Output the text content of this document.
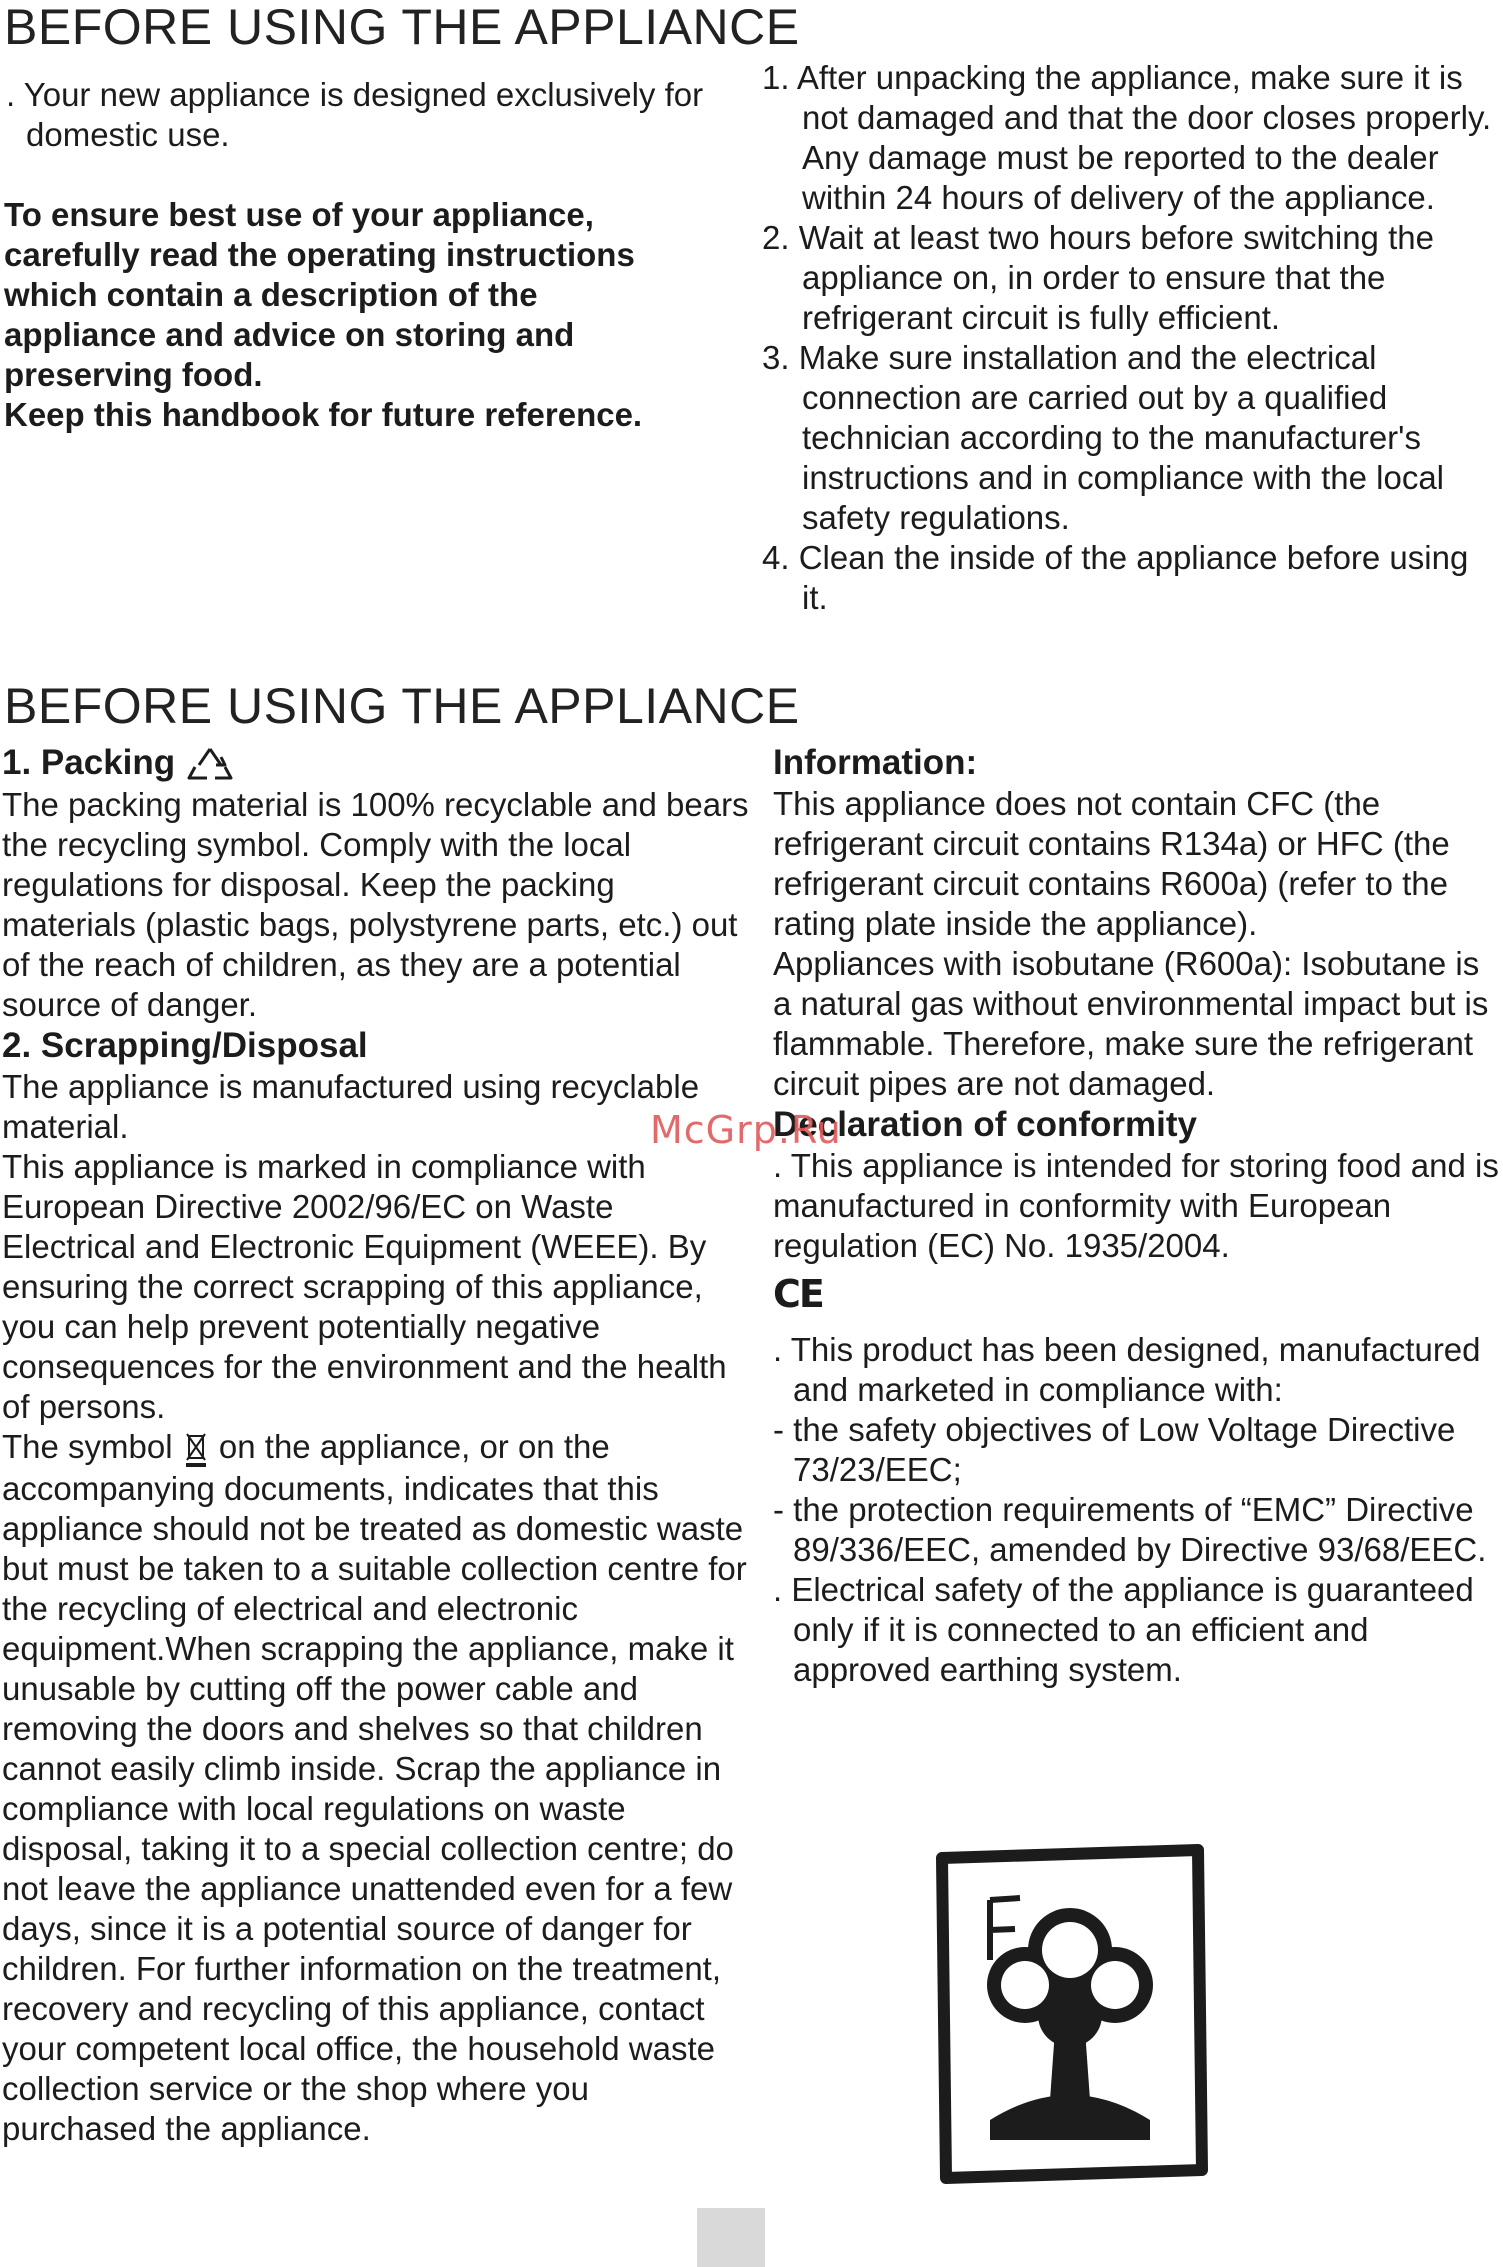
BEFORE USING THE APPLIANCE

. Your new appliance is designed exclusively for domestic use.

To ensure best use of your appliance, carefully read the operating instructions which contain a description of the appliance and advice on storing and preserving food.

Keep this handbook for future reference.

1. After unpacking the appliance, make sure it is not damaged and that the door closes properly. Any damage must be reported to the dealer within 24 hours of delivery of the appliance.
2. Wait at least two hours before switching the appliance on, in order to ensure that the refrigerant circuit is fully efficient.
3. Make sure installation and the electrical connection are carried out by a qualified technician according to the manufacturer's instructions and in compliance with the local safety regulations.
4. Clean the inside of the appliance before using it.
BEFORE USING THE APPLIANCE

1. Packing

The packing material is 100% recyclable and bears the recycling symbol. Comply with the local regulations for disposal. Keep the packing materials (plastic bags, polystyrene parts, etc.) out of the reach of children, as they are a potential source of danger.

2. Scrapping/Disposal

The appliance is manufactured using recyclable material.

This appliance is marked in compliance with European Directive 2002/96/EC on Waste Electrical and Electronic Equipment (WEEE). By ensuring the correct scrapping of this appliance, you can help prevent potentially negative consequences for the environment and the health of persons.

The symbol on the appliance, or on the accompanying documents, indicates that this appliance should not be treated as domestic waste but must be taken to a suitable collection centre for the recycling of electrical and electronic equipment.When scrapping the appliance, make it unusable by cutting off the power cable and removing the doors and shelves so that children cannot easily climb inside. Scrap the appliance in compliance with local regulations on waste disposal, taking it to a special collection centre; do not leave the appliance unattended even for a few days, since it is a potential source of danger for children. For further information on the treatment, recovery and recycling of this appliance, contact your competent local office, the household waste collection service or the shop where you purchased the appliance.

Information:

This appliance does not contain CFC (the refrigerant circuit contains R134a) or HFC (the refrigerant circuit contains R600a) (refer to the rating plate inside the appliance).

Appliances with isobutane (R600a): Isobutane is a natural gas without environmental impact but is flammable. Therefore, make sure the refrigerant circuit pipes are not damaged.

Declaration of conformity

. This appliance is intended for storing food and is manufactured in conformity with European regulation (EC) No. 1935/2004.

CE

. This product has been designed, manufactured and marketed in compliance with:

- the safety objectives of Low Voltage Directive 73/23/EEC;
- the protection requirements of “EMC” Directive 89/336/EEC, amended by Directive 93/68/EEC.

. Electrical safety of the appliance is guaranteed only if it is connected to an efficient and approved earthing system.

McGrp.Ru
